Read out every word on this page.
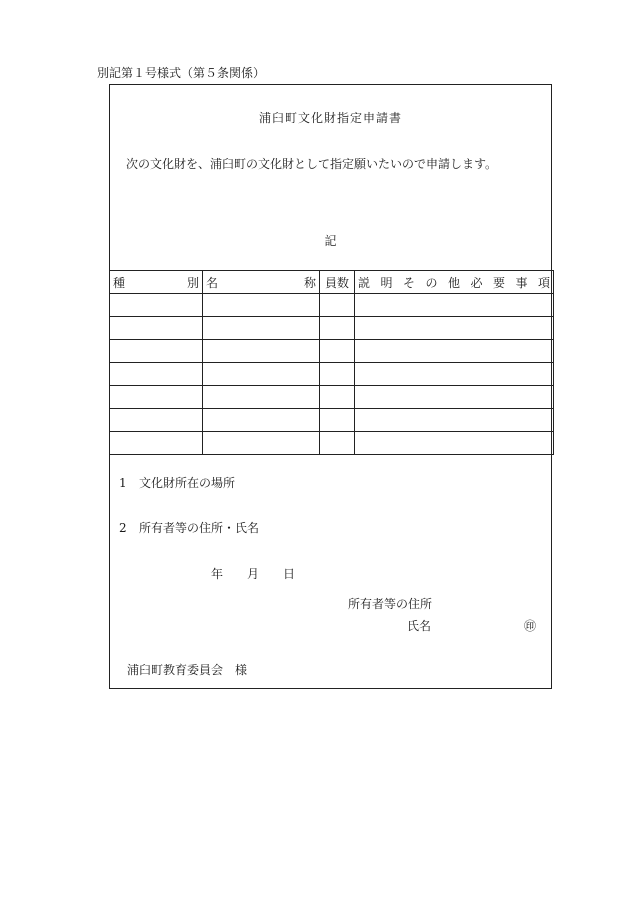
別記第１号様式（第５条関係）
浦臼町文化財指定申請書
次の文化財を、浦臼町の文化財として指定願いたいので申請します。
記
種 別	名 称	員数	説明その他必要事項

1 文化財所在の場所
2 所有者等の住所・氏名
年 月 日
所有者等の住所
氏名	㊞
浦臼町教育委員会　様
